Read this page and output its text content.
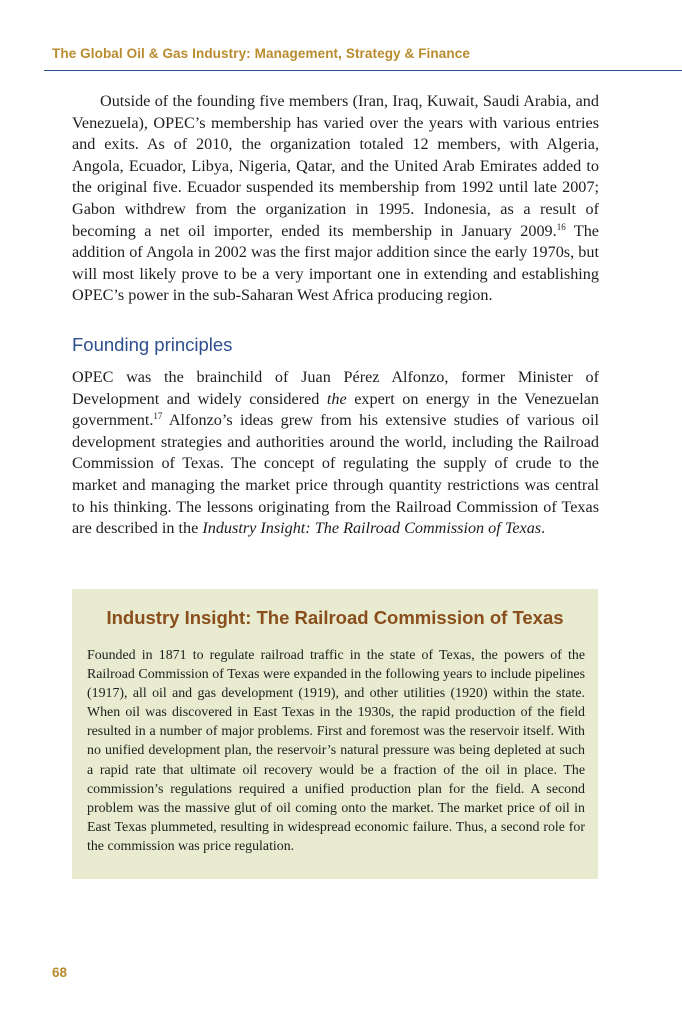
The Global Oil & Gas Industry: Management, Strategy & Finance

Outside of the founding five members (Iran, Iraq, Kuwait, Saudi Arabia, and Venezuela), OPEC’s membership has varied over the years with various entries and exits. As of 2010, the organization totaled 12 members, with Algeria, Angola, Ecuador, Libya, Nigeria, Qatar, and the United Arab Emirates added to the original five. Ecuador suspended its membership from 1992 until late 2007; Gabon withdrew from the organization in 1995. Indonesia, as a result of becoming a net oil importer, ended its membership in January 2009.16 The addition of Angola in 2002 was the first major addition since the early 1970s, but will most likely prove to be a very important one in extending and establishing OPEC’s power in the sub-Saharan West Africa producing region.

Founding principles

OPEC was the brainchild of Juan Pérez Alfonzo, former Minister of Development and widely considered the expert on energy in the Venezuelan government.$^{17}$ Alfonzo’s ideas grew from his extensive studies of various oil development strategies and authorities around the world, including the Railroad Commission of Texas. The concept of regulating the supply of crude to the market and managing the market price through quantity restrictions was central to his thinking. The lessons originating from the Railroad Commission of Texas are described in the Industry Insight: The Railroad Commission of Texas.

Industry Insight: The Railroad Commission of Texas

Founded in 1871 to regulate railroad traffic in the state of Texas, the powers of the Railroad Commission of Texas were expanded in the following years to include pipelines (1917), all oil and gas development (1919), and other utilities (1920) within the state. When oil was discovered in East Texas in the 1930s, the rapid production of the field resulted in a number of major problems. First and foremost was the reservoir itself. With no unified development plan, the reservoir’s natural pressure was being depleted at such a rapid rate that ultimate oil recovery would be a fraction of the oil in place. The commission’s regulations required a unified production plan for the field. A second problem was the massive glut of oil coming onto the market. The market price of oil in East Texas plummeted, resulting in widespread economic failure. Thus, a second role for the commission was price regulation.

68
